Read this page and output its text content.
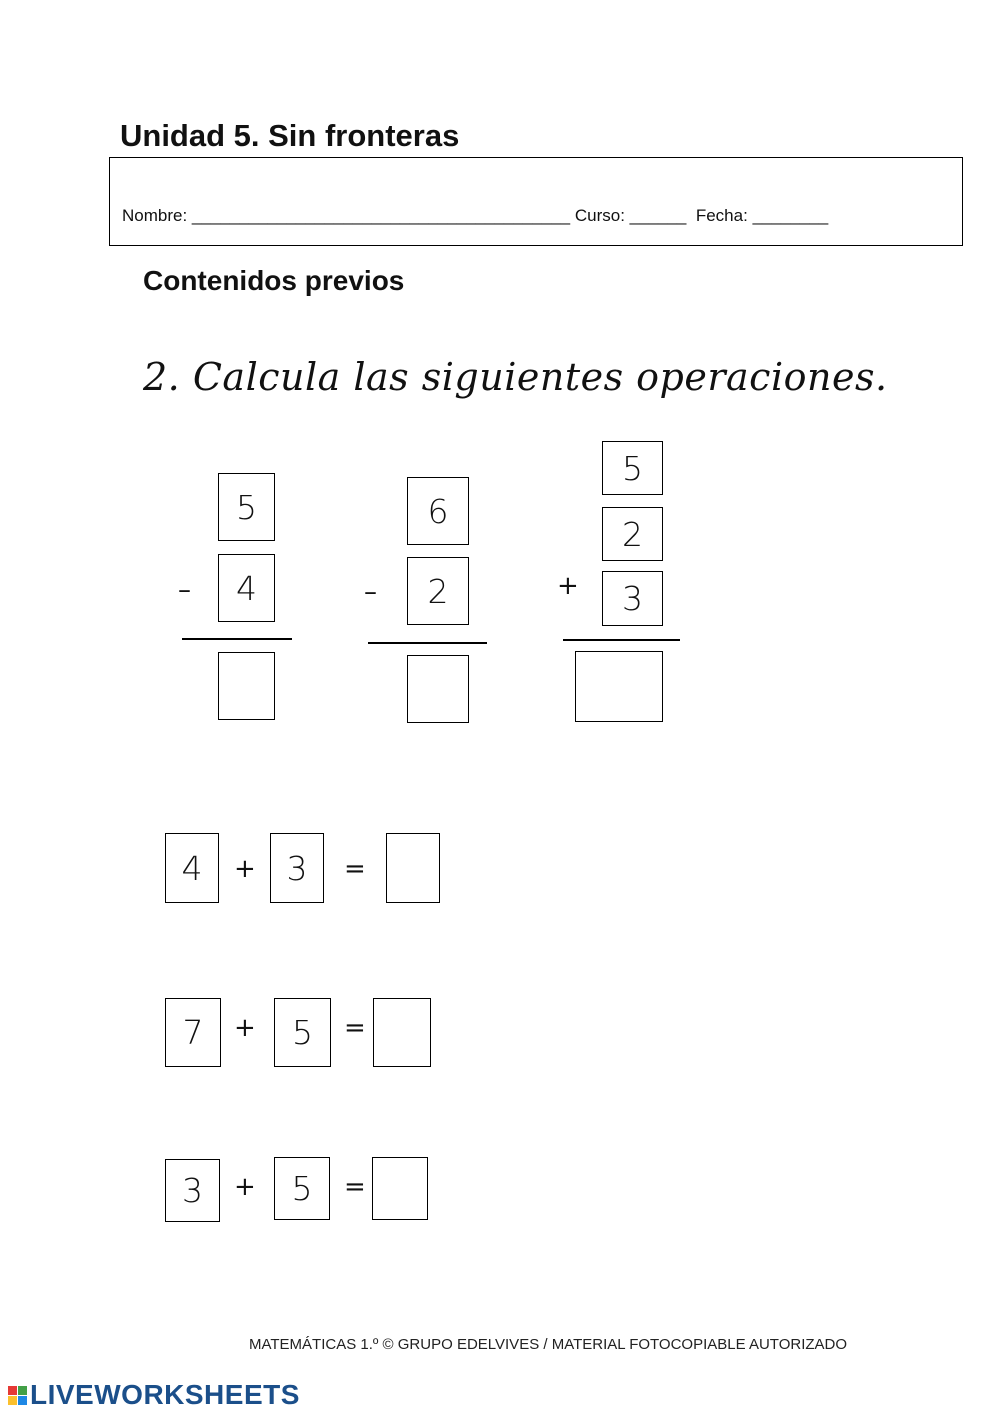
Unidad 5. Sin fronteras
Nombre: ________________________________________ Curso: ______ Fecha: ________
Contenidos previos
2. Calcula las siguientes operaciones.
5
–	4
6
–	2
5
2
+	3
4	+ 3	=
7	+	5	=
3	+	5	=
MATEMÁTICAS 1.º © GRUPO EDELVIVES / MATERIAL FOTOCOPIABLE AUTORIZADO
LIVEWORKSHEETS
